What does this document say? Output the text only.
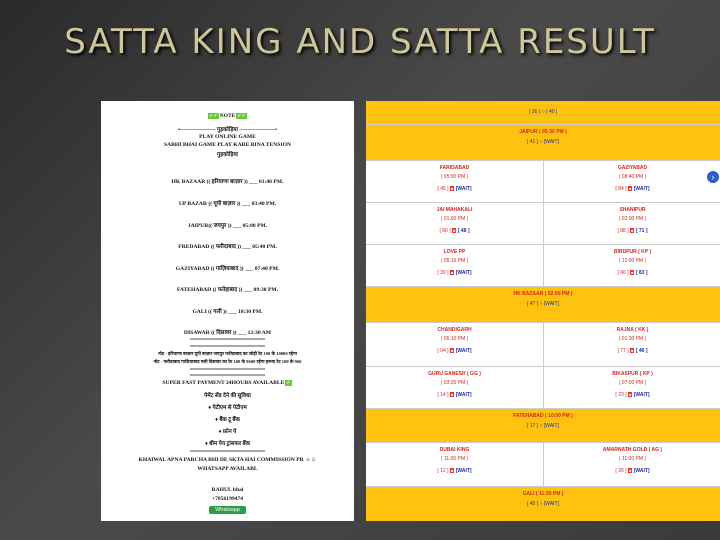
SATTA KING AND SATTA RESULT
✓✓ NOTE ✓✓
•───────── गुड़कोड़िया ─────────•
PLAY ONLINE GAME
SABHI BHAI GAME PLAY KARE BINA TENSION
गुड़कोड़िया
HK BAZAAR (( हरियाणा बाज़ार )) ___ 01:40 PM.
UP BAZAR (( यूपी बाज़ार )) ___ 03:40 PM.
JAIPUR(( जयपुर )) ___ 05:00 PM.
FREDABAD (( फरीदाबाद )) ___ 05:40 PM.
GAZIYABAD (( गाज़ियाबाद )) ___ 07:40 PM.
FATEHABAD (( फतेहाबाद )) ___ 09:30 PM.
GALI (( गली )) ___ 10:30 PM.
DISAWAR (( दिसावर )) ___ 12:30 AM
═══════════════════
═══════════════════
नोट - हरियाणा बाज़ार यूपी बाज़ार जयपुर फरीदाबाद का जोड़ी रेट 100 के 10000 रहेगा
नोट - फरीदाबाद गाज़ियाबाद गली दिसावर का रेट 100 के 9600 रहेगा हरूफ रेट 100 के 960
═══════════════════
═══════════════════
SUPER FAST PAYMENT 24HOURS AVAILABLE ✓
पेमेंट सेंड देने की सुविधा
♦ पेटीएम से पेटीएम
♦ बैंक टू बैंक
♦ फ़ोन पे
♦ बीम पेय ट्रांसफर बैंक
═══════════════════
KHAIWAL APNA PARCHA BHI DE SKTA HAI COMMISSION PR ☺☺
WHATSAPP AVAILABL
RAHUL bhai
+7856199474
Whatsapp
( 36 ) ○ [ 40 ]
JAIPUR ( 05:30 PM )
[ 41 ] ○ [WAIT]
FARIDABAD
( 05:00 PM )
[ 45 ] ■ [WAIT]
GAZIYABAD
( 08:40 PM )
[ 84 ] ■ [WAIT]
JAI MAHAKALI
( 01:00 PM )
[ 66 ] ■ [ 48 ]
SHANIPUR
( 02:00 PM )
[ 88 ] ■ [ 71 ]
LOVE PP
( 05:15 PM )
[ 39 ] ■ [WAIT]
BIRDPUR ( KP )
( 12:00 PM )
[ 66 ] ■ [ 83 ]
HK BAZAAR ( 02:00 PM )
[ 47 ] ○ [WAIT]
CHANDIGARH
( 05:10 PM )
[ 04 ] ■ [WAIT]
RAJNA ( KK )
( 01:30 PM )
[ 77 ] ■ [ 46 ]
GURU GANESH ( GG )
( 03:25 PM )
[ 14 ] ■ [WAIT]
BIKASPUR ( KP )
( 07:00 PM )
[ 23 ] ■ [WAIT]
FATEHABAD ( 10:00 PM )
[ 17 ] ○ [WAIT]
DUBAI KING
( 11:00 PM )
[ 12 ] ■ [WAIT]
AMARNATH GOLD ( AG )
( 11:00 PM )
[ 26 ] ■ [WAIT]
GALI ( 11:35 PM )
[ 45 ] ○ [WAIT]
›
